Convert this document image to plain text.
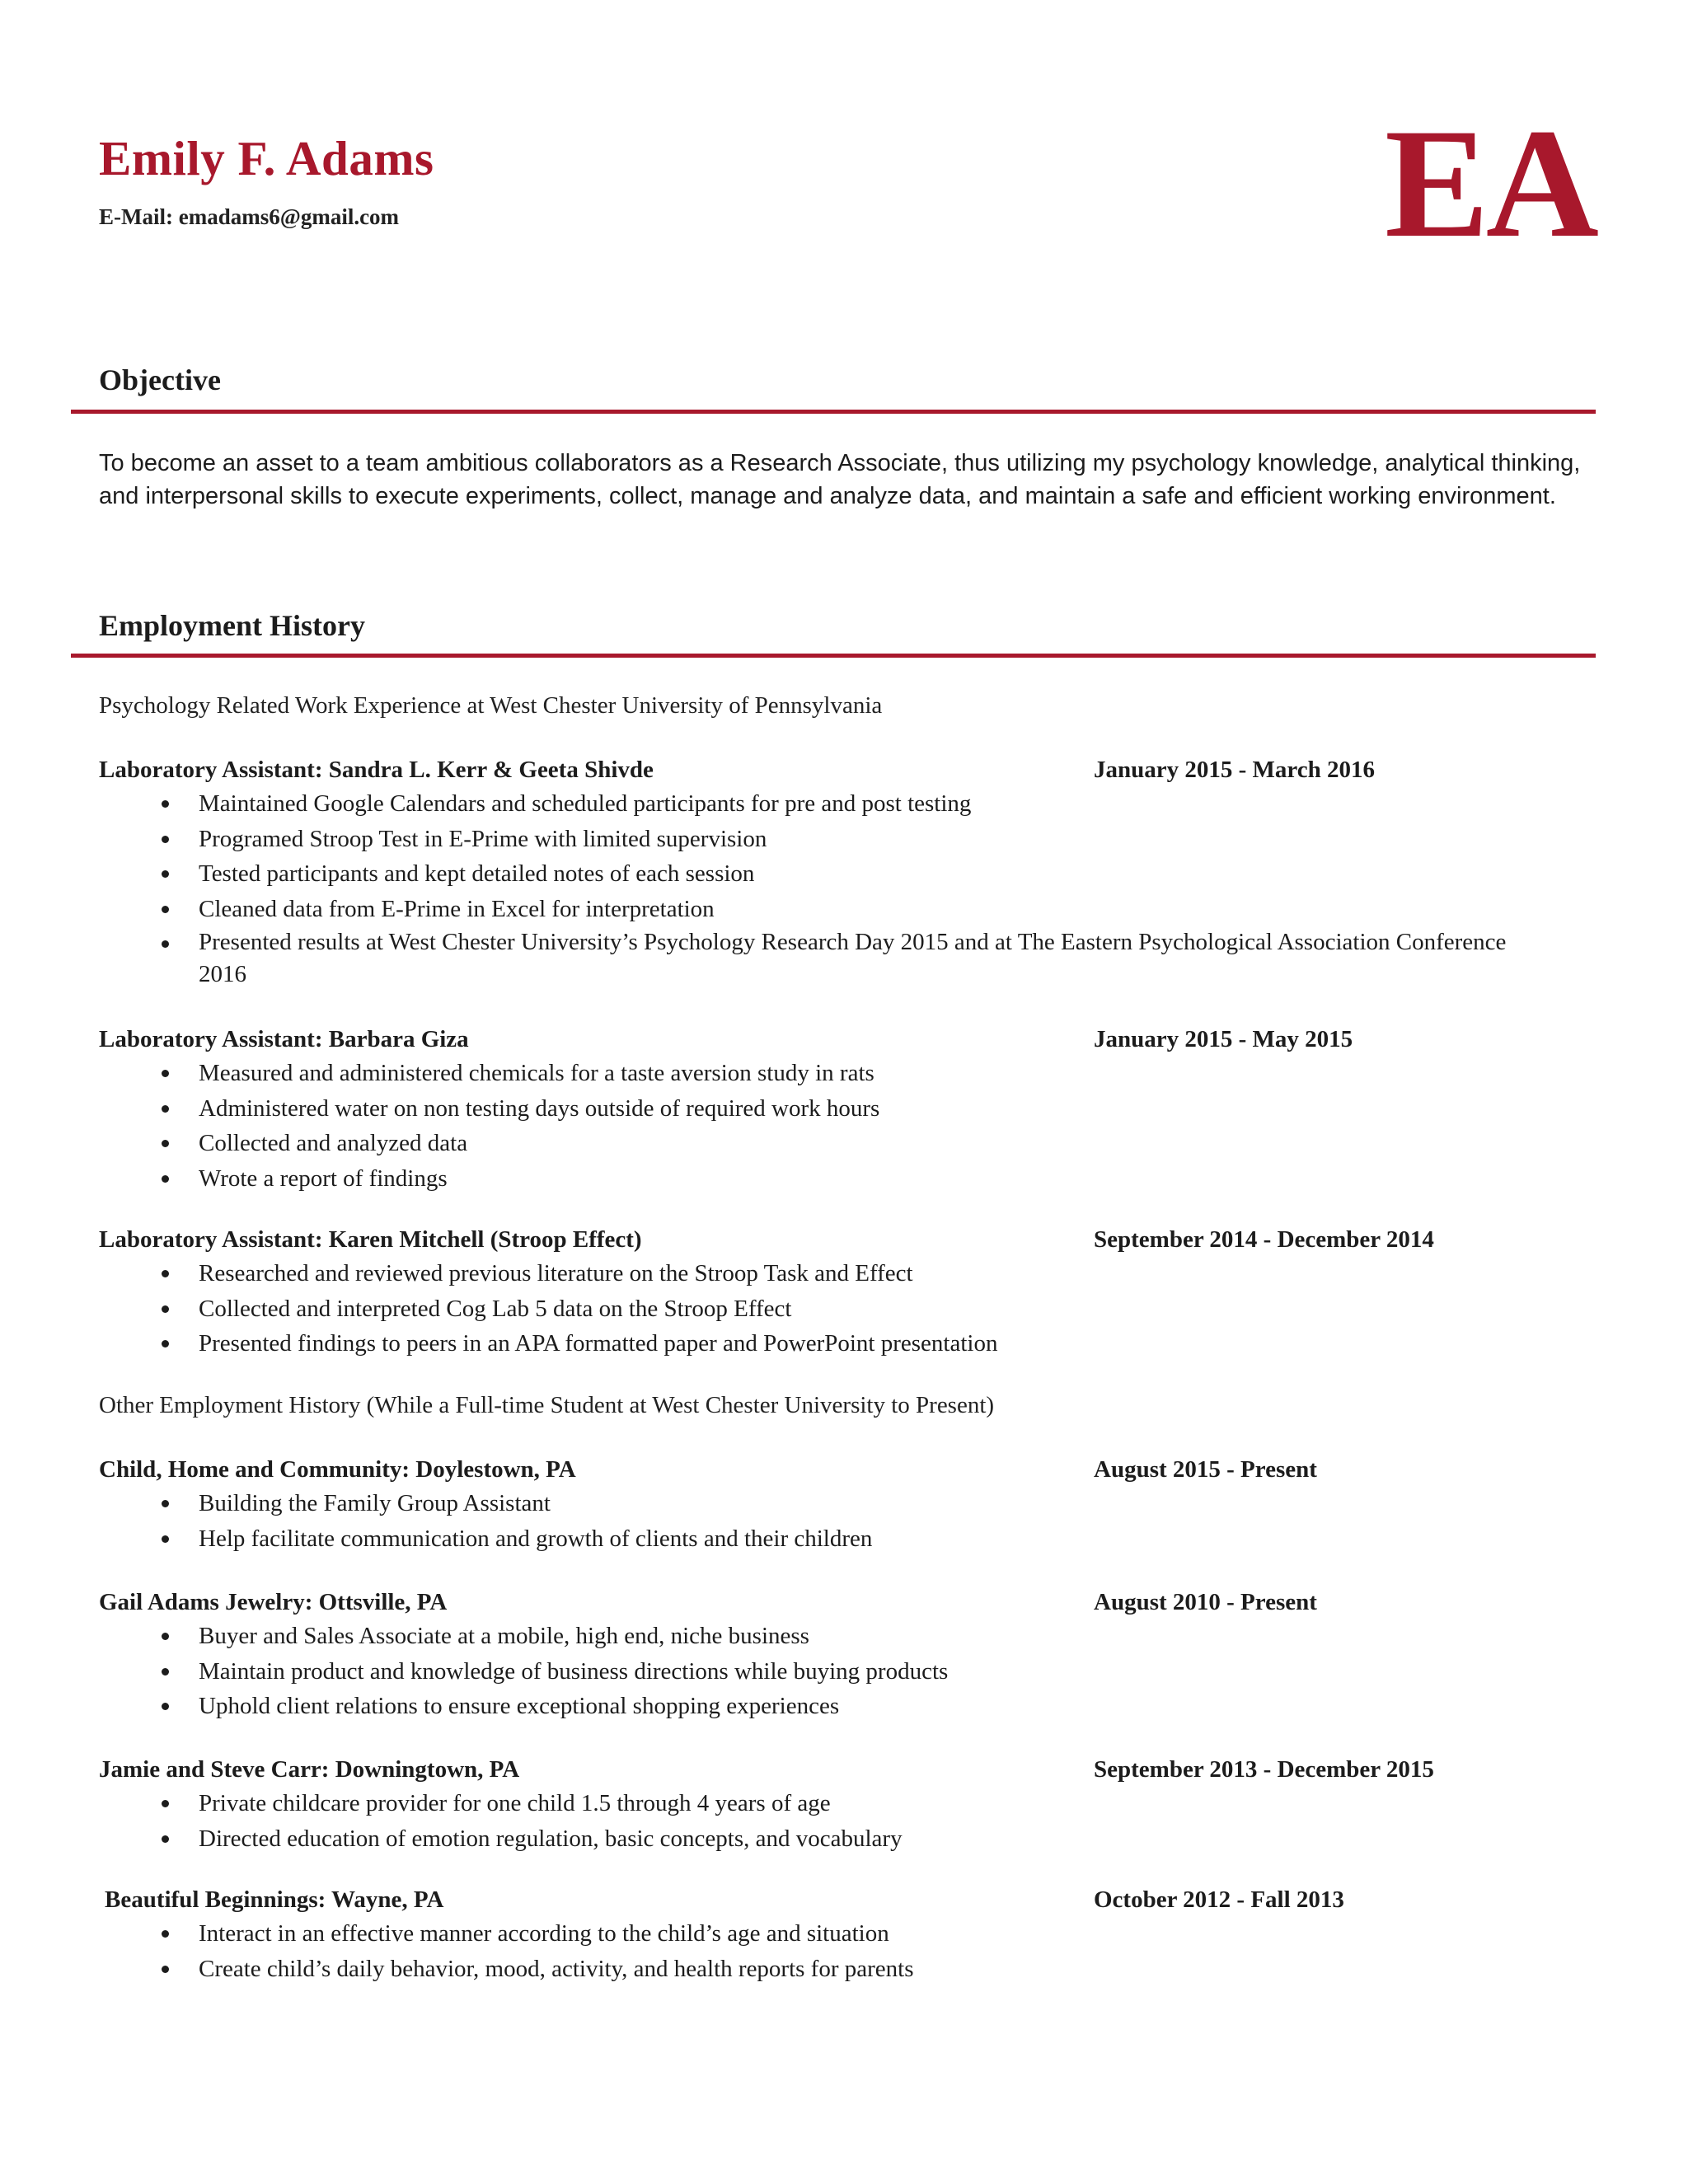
Emily F. Adams
E-Mail: emadams6@gmail.com	EA
Objective
To become an asset to a team ambitious collaborators as a Research Associate, thus utilizing my psychology knowledge, analytical thinking, and interpersonal skills to execute experiments, collect, manage and analyze data, and maintain a safe and efficient working environment.
Employment History
Psychology Related Work Experience at West Chester University of Pennsylvania
Laboratory Assistant: Sandra L. Kerr & Geeta Shivde	January 2015 - March 2016
Maintained Google Calendars and scheduled participants for pre and post testing
Programed Stroop Test in E-Prime with limited supervision
Tested participants and kept detailed notes of each session
Cleaned data from E-Prime in Excel for interpretation
Presented results at West Chester University’s Psychology Research Day 2015 and at The Eastern Psychological Association Conference 2016
Laboratory Assistant: Barbara Giza	January 2015 - May 2015
Measured and administered chemicals for a taste aversion study in rats
Administered water on non testing days outside of required work hours
Collected and analyzed data
Wrote a report of findings
Laboratory Assistant: Karen Mitchell (Stroop Effect)	September 2014 - December 2014
Researched and reviewed previous literature on the Stroop Task and Effect
Collected and interpreted Cog Lab 5 data on the Stroop Effect
Presented findings to peers in an APA formatted paper and PowerPoint presentation
Other Employment History (While a Full-time Student at West Chester University to Present)
Child, Home and Community: Doylestown, PA	August 2015 - Present
Building the Family Group Assistant
Help facilitate communication and growth of clients and their children
Gail Adams Jewelry: Ottsville, PA	August 2010 - Present
Buyer and Sales Associate at a mobile, high end, niche business
Maintain product and knowledge of business directions while buying products
Uphold client relations to ensure exceptional shopping experiences
Jamie and Steve Carr: Downingtown, PA	September 2013 - December 2015
Private childcare provider for one child 1.5 through 4 years of age
Directed education of emotion regulation, basic concepts, and vocabulary
Beautiful Beginnings: Wayne, PA	October 2012 - Fall 2013
Interact in an effective manner according to the child’s age and situation
Create child’s daily behavior, mood, activity, and health reports for parents
